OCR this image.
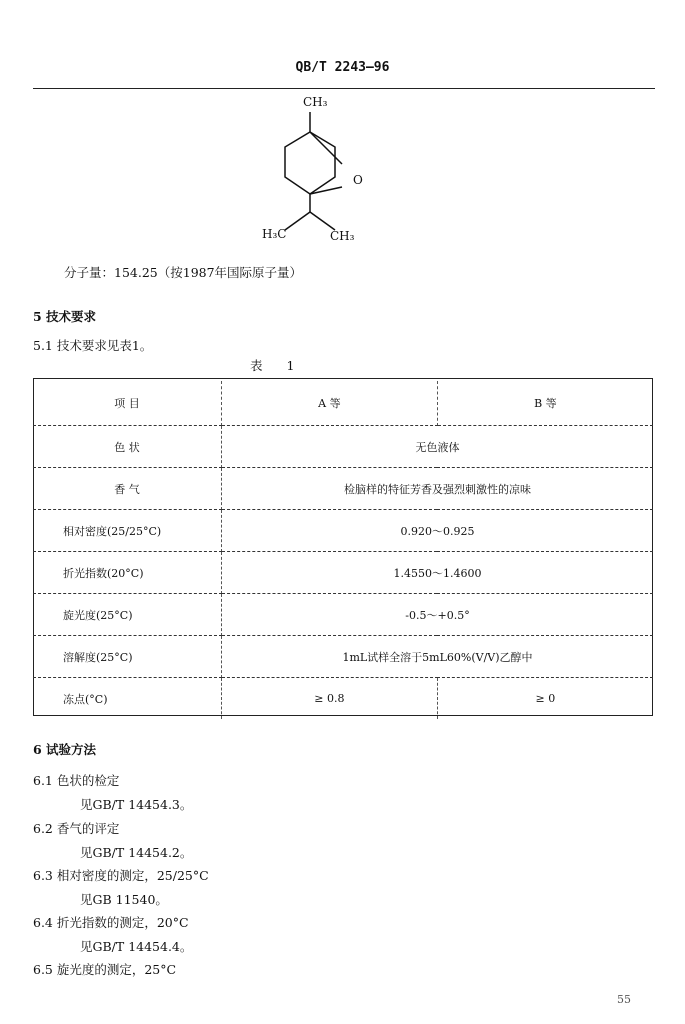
QB/T 2243—96
CH₃
O
H₃C	CH₃
分子量：154.25（按1987年国际原子量）
5 技术要求
5.1 技术要求见表1。
表 1
项 目	A 等	B 等
色 状	无色液体	
香 气	检脑样的特征芳香及强烈刺激性的凉味	
相对密度(25/25°C)	0.920～0.925	
折光指数(20°C)	1.4550～1.4600	
旋光度(25°C)	-0.5～+0.5°	
溶解度(25°C)	1mL试样全溶于5mL60%(V/V)乙醇中	
冻点(°C)	≥ 0.8	≥ 0
6 试验方法
6.1 色状的检定
见GB/T 14454.3。
6.2 香气的评定
见GB/T 14454.2。
6.3 相对密度的测定，25/25°C
见GB 11540。
6.4 折光指数的测定，20°C
见GB/T 14454.4。
6.5 旋光度的测定，25°C
55
